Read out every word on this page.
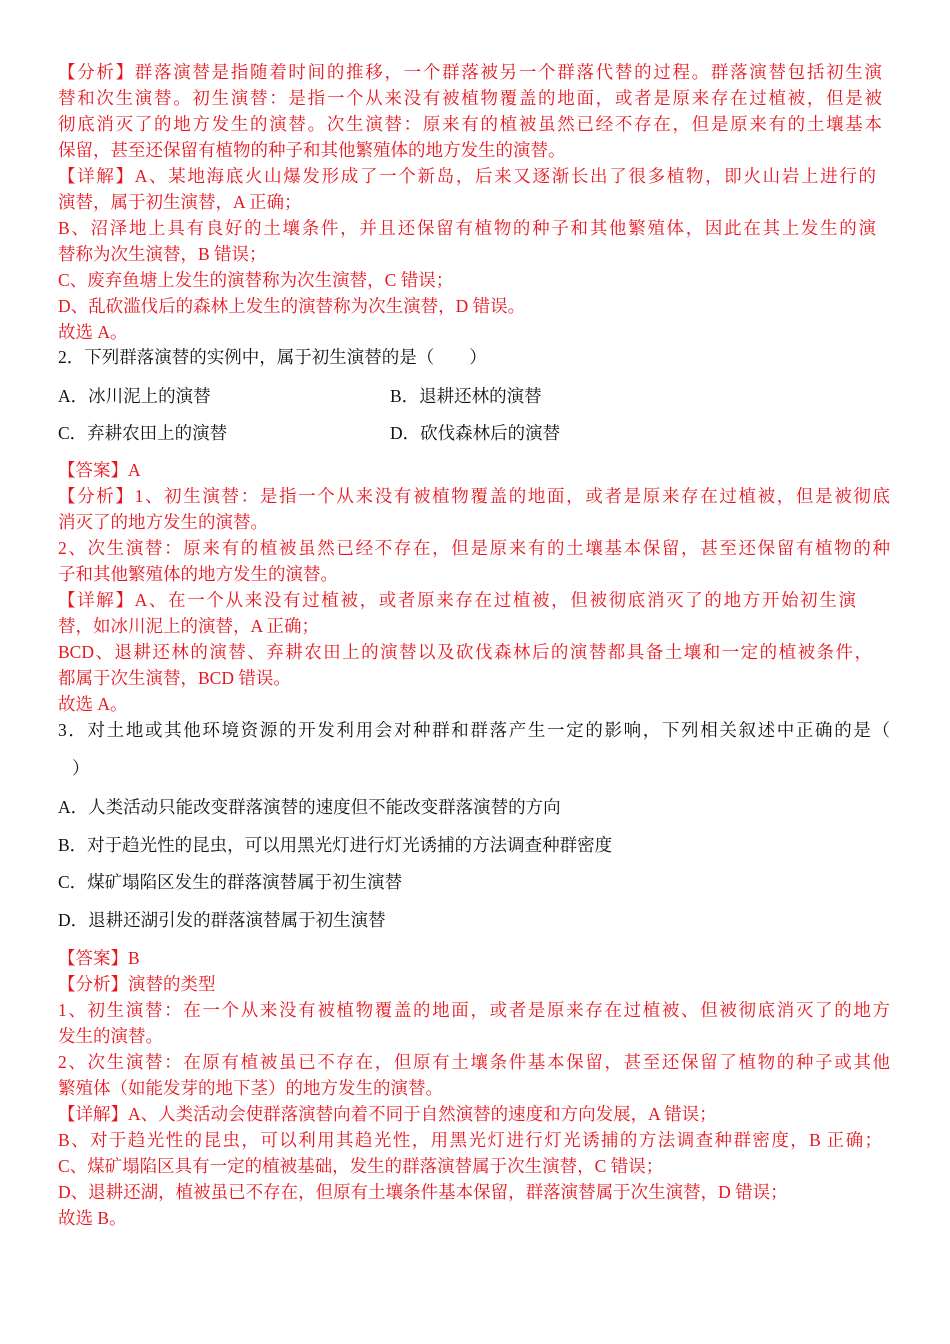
【分析】群落演替是指随着时间的推移，一个群落被另一个群落代替的过程。群落演替包括初生演
替和次生演替。初生演替：是指一个从来没有被植物覆盖的地面，或者是原来存在过植被，但是被
彻底消灭了的地方发生的演替。次生演替：原来有的植被虽然已经不存在，但是原来有的土壤基本
保留，甚至还保留有植物的种子和其他繁殖体的地方发生的演替。
【详解】A、某地海底火山爆发形成了一个新岛，后来又逐渐长出了很多植物，即火山岩上进行的
演替，属于初生演替，A 正确；
B、沼泽地上具有良好的土壤条件，并且还保留有植物的种子和其他繁殖体，因此在其上发生的演
替称为次生演替，B 错误；
C、废弃鱼塘上发生的演替称为次生演替，C 错误；
D、乱砍滥伐后的森林上发生的演替称为次生演替，D 错误。
故选 A。
2．下列群落演替的实例中，属于初生演替的是（　　）
A．冰川泥上的演替	B．退耕还林的演替
C．弃耕农田上的演替	D．砍伐森林后的演替
【答案】A
【分析】1、初生演替：是指一个从来没有被植物覆盖的地面，或者是原来存在过植被，但是被彻底
消灭了的地方发生的演替。
2、次生演替：原来有的植被虽然已经不存在，但是原来有的土壤基本保留，甚至还保留有植物的种
子和其他繁殖体的地方发生的演替。
【详解】A、在一个从来没有过植被，或者原来存在过植被，但被彻底消灭了的地方开始初生演
替，如冰川泥上的演替，A 正确；
BCD、退耕还林的演替、弃耕农田上的演替以及砍伐森林后的演替都具备土壤和一定的植被条件，
都属于次生演替，BCD 错误。
故选 A。
3．对土地或其他环境资源的开发利用会对种群和群落产生一定的影响，下列相关叙述中正确的是（
）
A．人类活动只能改变群落演替的速度但不能改变群落演替的方向
B．对于趋光性的昆虫，可以用黑光灯进行灯光诱捕的方法调查种群密度
C．煤矿塌陷区发生的群落演替属于初生演替
D．退耕还湖引发的群落演替属于初生演替
【答案】B
【分析】演替的类型
1、初生演替：在一个从来没有被植物覆盖的地面，或者是原来存在过植被、但被彻底消灭了的地方
发生的演替。
2、次生演替：在原有植被虽已不存在，但原有土壤条件基本保留，甚至还保留了植物的种子或其他
繁殖体（如能发芽的地下茎）的地方发生的演替。
【详解】A、人类活动会使群落演替向着不同于自然演替的速度和方向发展，A 错误；
B、对于趋光性的昆虫，可以利用其趋光性，用黑光灯进行灯光诱捕的方法调查种群密度，B 正确；
C、煤矿塌陷区具有一定的植被基础，发生的群落演替属于次生演替，C 错误；
D、退耕还湖，植被虽已不存在，但原有土壤条件基本保留，群落演替属于次生演替，D 错误；
故选 B。
